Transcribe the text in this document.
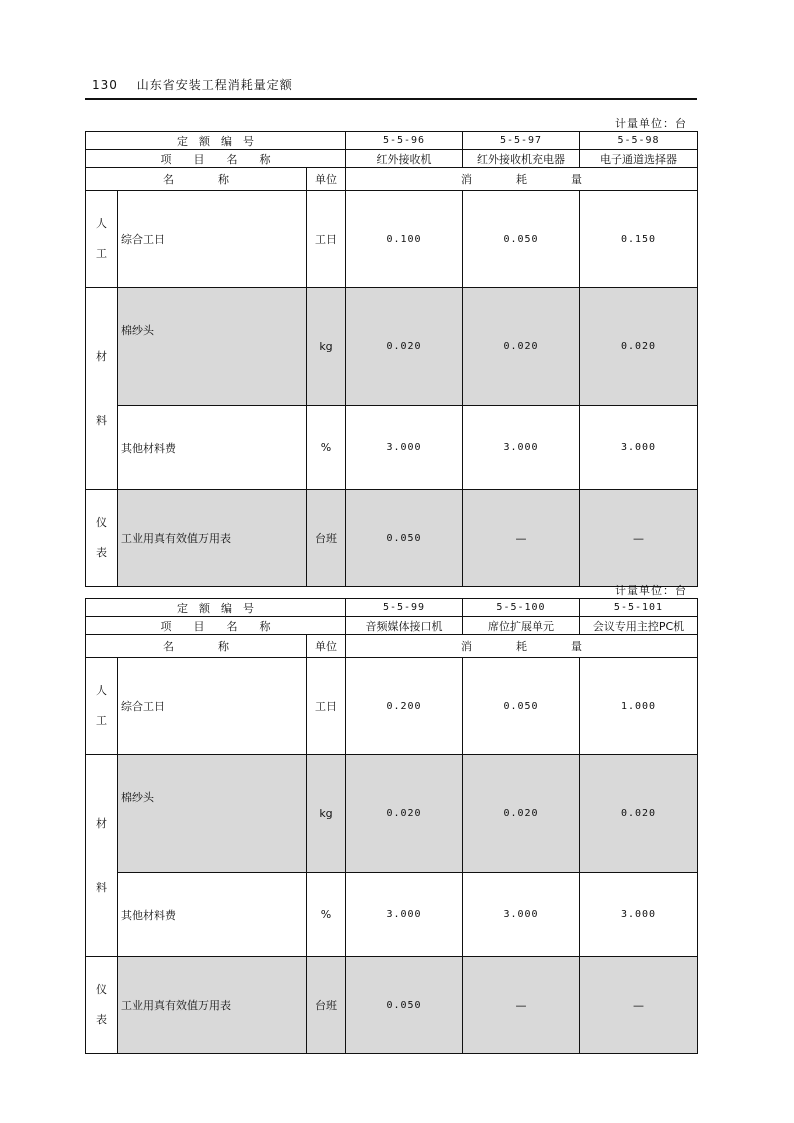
130 山东省安装工程消耗量定额
计量单位：台
定　额　编　号			5-5-96	5-5-97	5-5-98
项　　目　　名　　称			红外接收机	红外接收机充电器	电子通道选择器
名　　　　称		单位	消　　　　耗　　　　量		
人工	综合工日	工日	0.100	0.050	0.150

材
料	棉纱头	kg	0.020	0.020	0.020
	其他材料费	%	3.000	3.000	3.000
仪表	工业用真有效值万用表	台班	0.050	—	—
计量单位：台
定　额　编　号			5-5-99	5-5-100	5-5-101
项　　目　　名　　称			音频媒体接口机	席位扩展单元	会议专用主控PC机
名　　　　称		单位	消　　　　耗　　　　量		
人工	综合工日	工日	0.200	0.050	1.000

材
料	棉纱头	kg	0.020	0.020	0.020
	其他材料费	%	3.000	3.000	3.000
仪表	工业用真有效值万用表	台班	0.050	—	—
